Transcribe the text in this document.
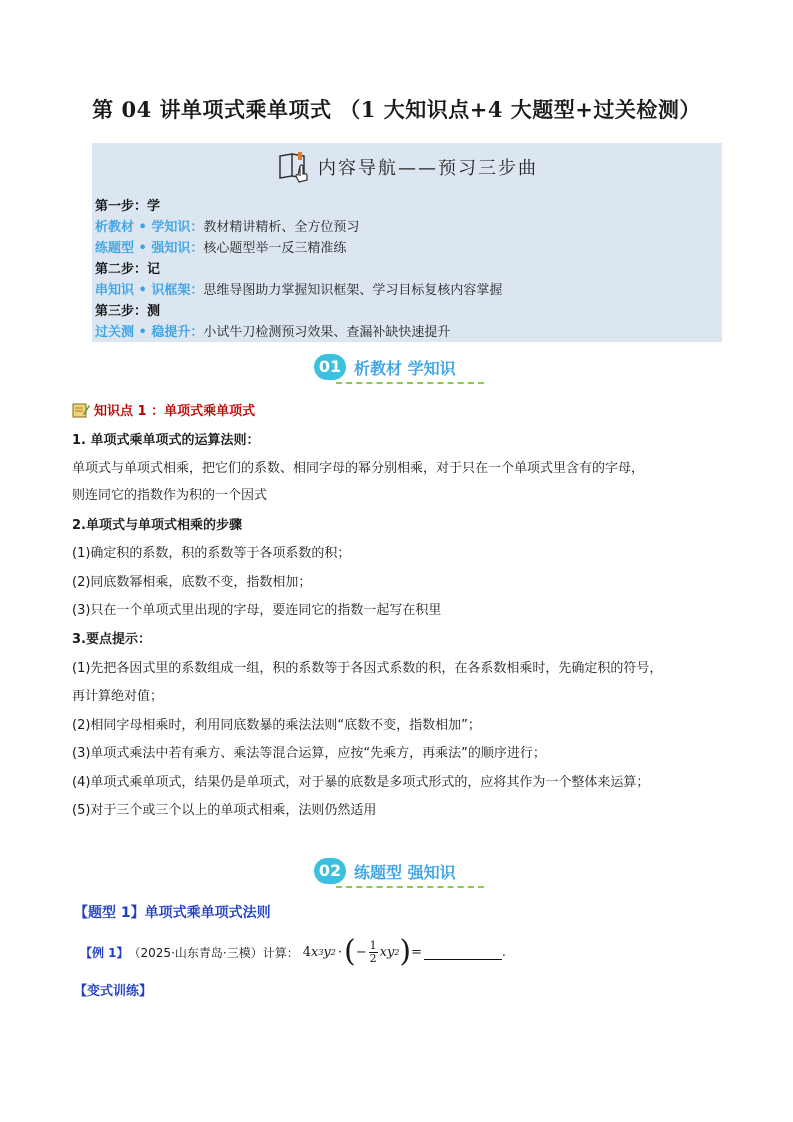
第 04 讲单项式乘单项式 （1 大知识点+4 大题型+过关检测）
内容导航——预习三步曲
第一步：学
析教材 • 学知识：教材精讲精析、全方位预习
练题型 • 强知识：核心题型举一反三精准练
第二步：记
串知识 • 识框架：思维导图助力掌握知识框架、学习目标复核内容掌握
第三步：测
过关测 • 稳提升：小试牛刀检测预习效果、查漏补缺快速提升
01 析教材 学知识
知识点 1 ：单项式乘单项式
1. 单项式乘单项式的运算法则：
单项式与单项式相乘，把它们的系数、相同字母的幂分别相乘，对于只在一个单项式里含有的字母，
则连同它的指数作为积的一个因式
2.单项式与单项式相乘的步骤
(1)确定积的系数，积的系数等于各项系数的积；
(2)同底数幂相乘，底数不变，指数相加；
(3)只在一个单项式里出现的字母，要连同它的指数一起写在积里
3.要点提示：
(1)先把各因式里的系数组成一组，积的系数等于各因式系数的积，在各系数相乘时，先确定积的符号，
再计算绝对值；
(2)相同字母相乘时，利用同底数暴的乘法法则“底数不变，指数相加”；
(3)单项式乘法中若有乘方、乘法等混合运算，应按“先乘方，再乘法”的顺序进行；
(4)单项式乘单项式，结果仍是单项式，对于暴的底数是多项式形式的，应将其作为一个整体来运算；
(5)对于三个或三个以上的单项式相乘，法则仍然适用
02 练题型 强知识
【题型 1】单项式乘单项式法则
【例 1】 （2025·山东青岛·三模）计算： 4 x 3 y 2 · ( − $\frac{1}{2}$ xy 2 ) =	.
【变式训练】
